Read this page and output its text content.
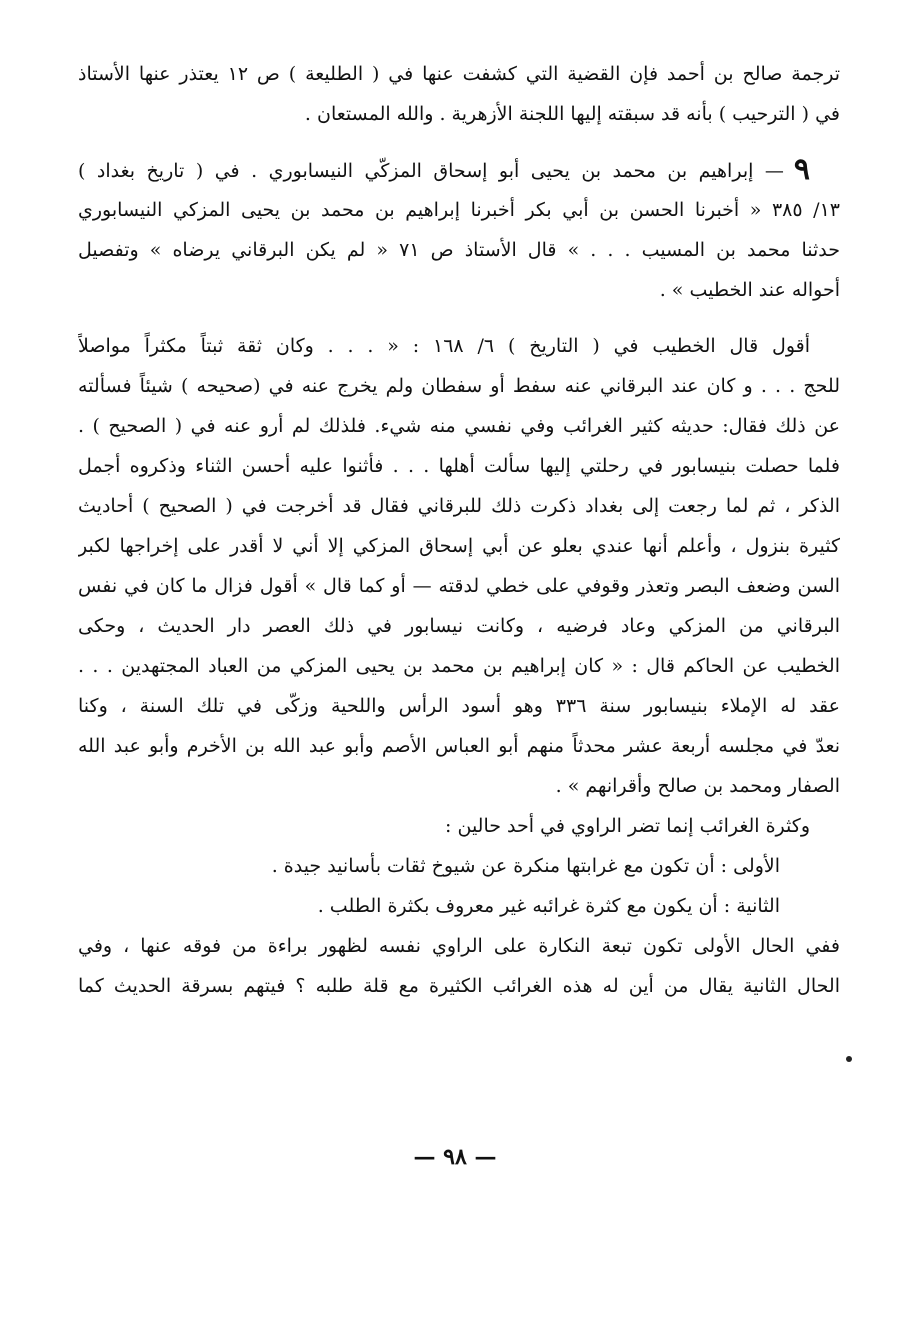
ترجمة صالح بن أحمد فإن القضية التي كشفت عنها في ( الطليعة ) ص ١٢ يعتذر عنها الأستاذ
في ( الترحيب ) بأنه قد سبقته إليها اللجنة الأزهرية . والله المستعان .
٩— إبراهيم بن محمد بن يحيى أبو إسحاق المزكّي النيسابوري . في ( تاريخ بغداد )
١٣/ ٣٨٥ « أخبرنا الحسن بن أبي بكر أخبرنا إبراهيم بن محمد بن يحيى المزكي النيسابوري
حدثنا محمد بن المسيب . . . » قال الأستاذ ص ٧١ « لم يكن البرقاني يرضاه » وتفصيل
أحواله عند الخطيب » .
أقول قال الخطيب في ( التاريخ ) ٦/ ١٦٨ : « . . . وكان ثقة ثبتاً مكثراً مواصلاً
للحج . . . و كان عند البرقاني عنه سفط أو سفطان ولم يخرج عنه في (صحيحه ) شيئاً فسألته
عن ذلك فقال: حديثه كثير الغرائب وفي نفسي منه شيء. فلذلك لم أرو عنه في ( الصحيح ) .
فلما حصلت بنيسابور في رحلتي إليها سألت أهلها . . . فأثنوا عليه أحسن الثناء وذكروه أجمل
الذكر ، ثم لما رجعت إلى بغداد ذكرت ذلك للبرقاني فقال قد أخرجت في ( الصحيح ) أحاديث
كثيرة بنزول ، وأعلم أنها عندي بعلو عن أبي إسحاق المزكي إلا أني لا أقدر على إخراجها لكبر
السن وضعف البصر وتعذر وقوفي على خطي لدقته — أو كما قال » أقول فزال ما كان في نفس
البرقاني من المزكي وعاد فرضيه ، وكانت نيسابور في ذلك العصر دار الحديث ، وحكى
الخطيب عن الحاكم قال : « كان إبراهيم بن محمد بن يحيى المزكي من العباد المجتهدين . . .
عقد له الإملاء بنيسابور سنة ٣٣٦ وهو أسود الرأس واللحية وزكّى في تلك السنة ، وكنا
نعدّ في مجلسه أربعة عشر محدثاً منهم أبو العباس الأصم وأبو عبد الله بن الأخرم وأبو عبد الله
الصفار ومحمد بن صالح وأقرانهم » .
وكثرة الغرائب إنما تضر الراوي في أحد حالين :
الأولى : أن تكون مع غرابتها منكرة عن شيوخ ثقات بأسانيد جيدة .
الثانية : أن يكون مع كثرة غرائبه غير معروف بكثرة الطلب .
ففي الحال الأولى تكون تبعة النكارة على الراوي نفسه لظهور براءة من فوقه عنها ، وفي
الحال الثانية يقال من أين له هذه الغرائب الكثيرة مع قلة طلبه ؟ فيتهم بسرقة الحديث كما
— ٩٨ —
